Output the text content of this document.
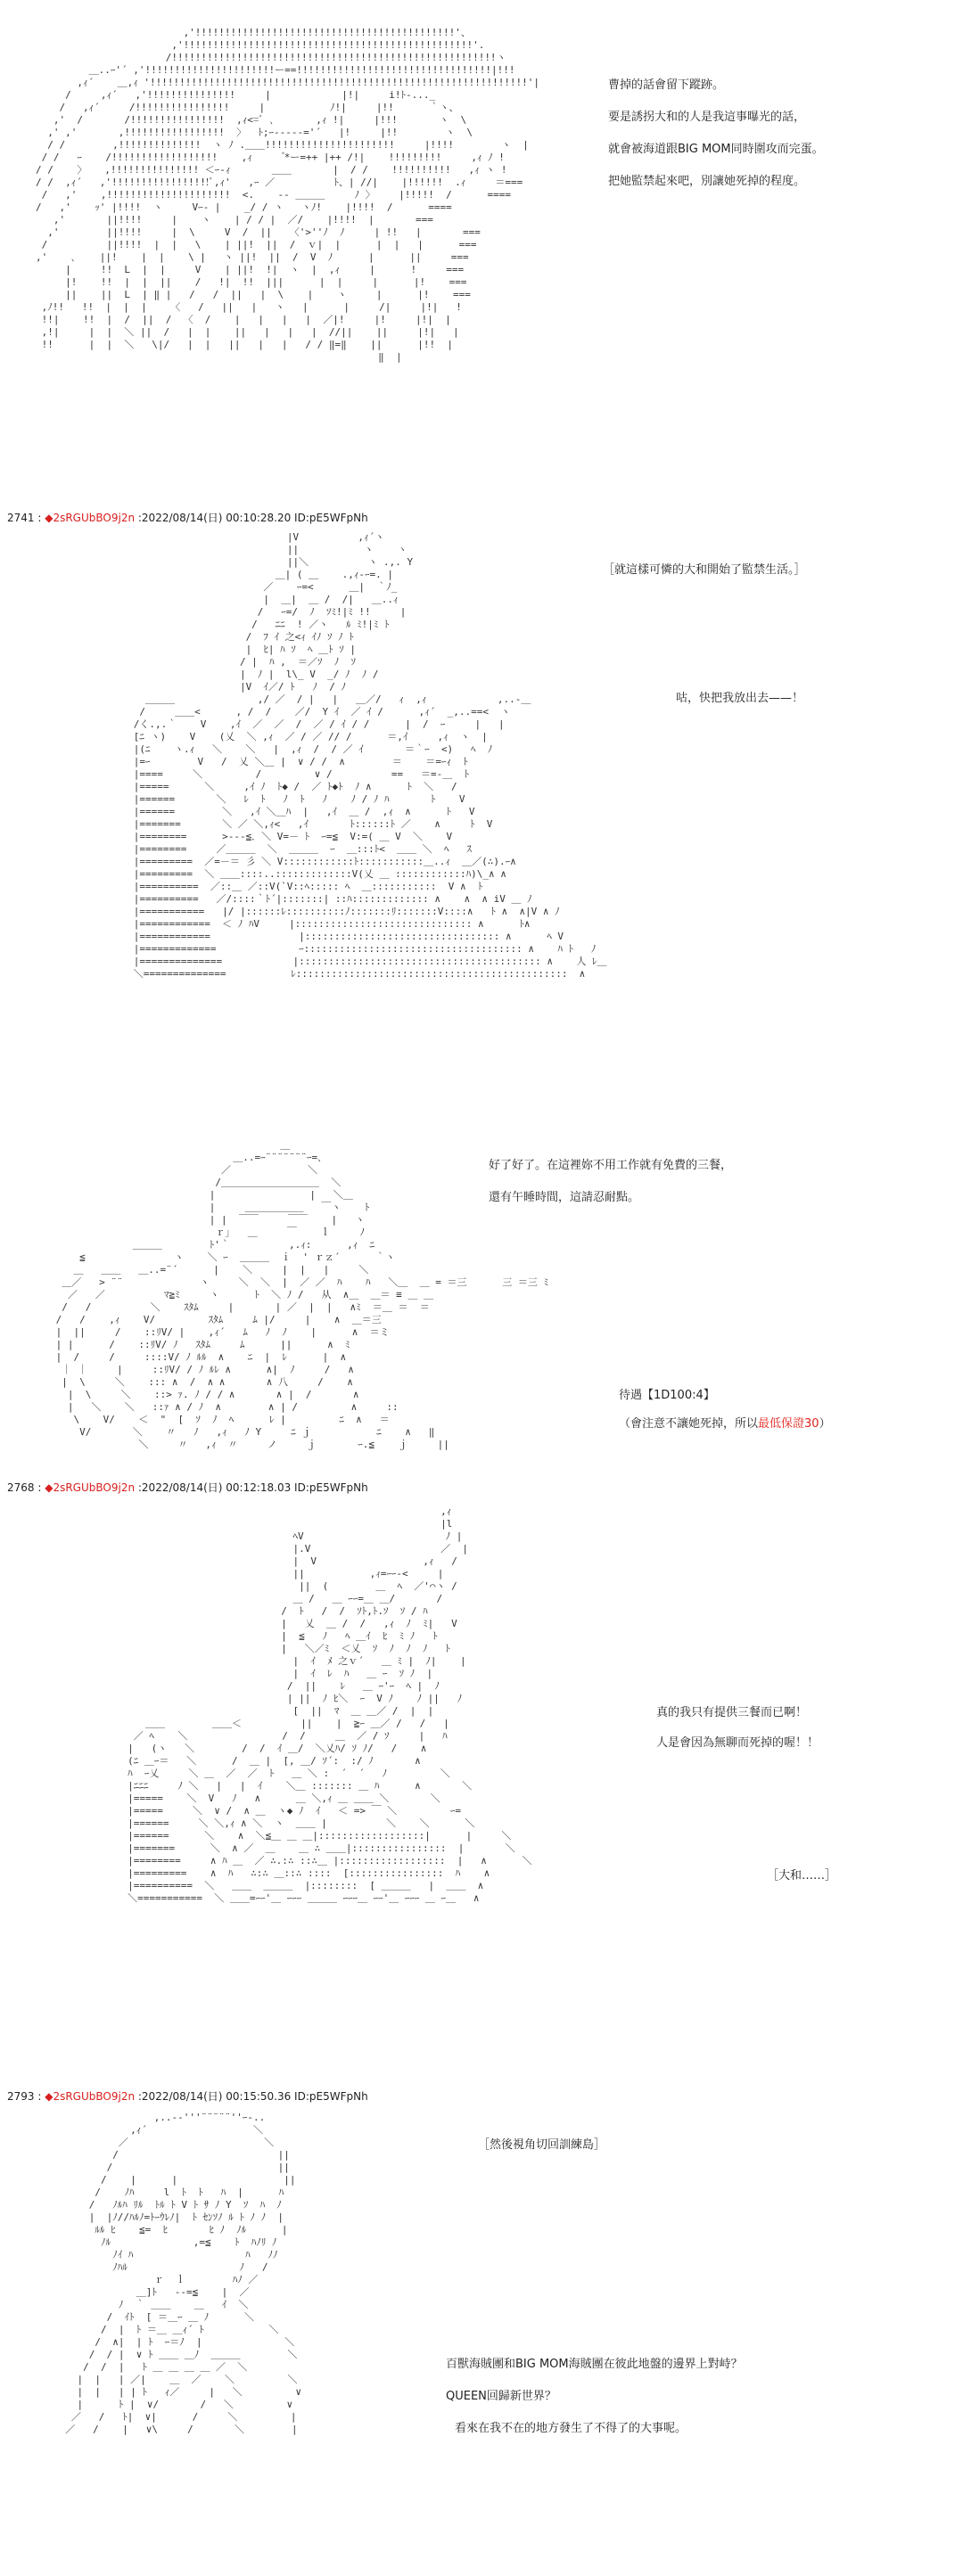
,'!!!!!!!!!!!!!!!!!!!!!!!!!!!!!!!!!!!!!!!!!!!!'、
,'!!!!!!!!!!!!!!!!!!!!!!!!!!!!!!!!!!!!!!!!!!!!!!!!!'.
/!!!!!!!!!!!!!!!!!!!!!!!!!!!!!!!!!!!!!!!!!!!!!!!!!!!!!!!ヽ
＿..ｰ'´ ,'!!!!!!!!!!!!!!!!!!!!!!ー==!!!!!!!!!!!!!!!!!!!!!!!!!!!!!!!!!|!!!
,ｨ´    ＿,ｨ '!!!!!!!!!!!!!!!!!!!!!!!!!!!!!!!!!!!!!!!!!!!!!!!!!!!!!!!!!!!!!!!!'|
/     ,ｨ´   ,'!!!!!!!!!!!!!!!     |            |!|     i!ﾄ-..._
/   ,ｨ´     /!!!!!!!!!!!!!!!!     |           ﾉ!|     |!!      ｀ヽ、
,'  /       /!!!!!!!!!!!!!!!!  ,ｨ<=ﾞ ､       ,ｨ !|     |!!!       ヽ  \
,' ,'       ,!!!!!!!!!!!!!!!!!  〉  ﾄ;ｰ‐---‐='´   |!     |!!        ヽ  \
/ /        ,!!!!!!!!!!!!!!  ヽ ﾉ .＿＿!!!!!!!!!!!!!!!!!!!!!!     |!!!!        ヽ  |
/ /   ｰ    /!!!!!!!!!!!!!!!!!!    ,ｨ      ゙*ー=++ |++ /!|    !!!!!!!!!     ,ｨ ﾉ !
/ /    〉   ,!!!!!!!!!!!!!!! ＜ｰ-ｨ       ＿＿       |  / /    !!!!!!!!!!   ,ｨ ヽ !
/ /  ,ｨ´   ,'!!!!!!!!!!!!!!!!!ﾞ,ｨ'   ,ｰ ／          ﾄ、| //|    |!!!!!!  .ｨ     ＝===
/   ,'    ,!!!!!!!!!!!!!!!!!!!!!  <.    ‐‐ ＿＿＿     ﾉ 〉    |!!!!!  /      ====
/   ,'    ｯ' |!!!!  ヽ     Vｰ- |    _/ / ヽ   ヽﾉ!    |!!!!  /      ====
,'       ||!!!!     |    ヽ    | / / |  ／/    |!!!!  |       ===
,'        ||!!!!     |  \     V  /  ||   〈'>''ﾉ  ﾉ     | !!   |       ===
/          ||!!!!  |  |   \    | ||!  ||  /  ｖ|  |      |  |   |      ===
,'    ､    ||!    |  |    \ |   ヽ ||!  ||  /  V  ﾉ      |      ||     ===
|     !!  L  |  |     V    | ||!  !|  ヽ  |  ,ｨ     |      !     ===
|!    !!  |  |  ||    /   !|  !!  |||      |  |     |      |!    ===
||    ||  L  | ‖ |   /   /  ||   |  \    |    ヽ     |      |!    ===
,ﾉ!!   !!  |  |  |    〈   /   ||   |   ヽ   |      |     /|     |!|   !
!!|    !!  |  /  ||  /  〈  /    |   |   |   |  ／|!     |!     |!|  |
,!|     |  |  ＼ ||  /   |  |    ||   |   |   |  //||    ||     |!|   |
!!      |  |  ＼   \|/   |  |   ||   |   |   / / ‖=‖    ||      |!!  |
‖  |

曹掉的話會留下蹤跡。
要是誘拐大和的人是我這事曝光的話，
就會被海道跟BIG MOM同時圍攻而完蛋。
把她監禁起來吧，別讓她死掉的程度。
2741 : ◆2sRGUbBO9j2n :2022/08/14(日) 00:10:28.20 ID:pE5WFpNh
|V          ,ｨ´ヽ
||           ヽ    ヽ
||＼          ヽ .,. Y
＿| ( ＿    .,ｨ‐ｰ=. |
／    ｰ=<      ＿|  ｀ﾉ_
|  ＿|  ＿ /  /|   ＿..ｨ
/   ｰ=/  ﾉ  ｿﾐ!|ﾐ !!     |
/   ﾆﾆ  ! ／ヽ   ﾙ ﾐ!|ﾐ ﾄ
/  ﾌ ｲ 之<ｨ ｲﾉ ｿ ﾉ ﾄ
|  ﾋ| ﾊ ｿ  ﾍ ＿ﾄ ｿ |
/ |  ﾊ ,  ＝／ｿ  ﾉ  ｿ
|  ﾉ |  l\_ V  _/ ﾉ  ﾉ /
|V  ｲ／/ ﾄ   ﾉ  / ﾉ
＿＿＿              ,/ ／  / |   |   ＿／/   ｨ  ,ｨ            ,..-＿
/     ＿＿<      , /  /    ／/  Y ｲ  ／ ｲ /      ,ｨ´  _,..==<  ヽ
/く.,.｀    V    ,ｲ  ／  ／  /  ／ / ｲ / /      |  /  ｰ     |   |
[ﾆ ヽ)    V    (乂  ＼ ,ｨ  ／ / ／ // /      ＝,ｲ     ,ｨ  ヽ  |
|(ﾆ    ヽ.ｨ   ＼    ＼   |  ,ｨ  /  / ／ ｲ       ＝｀ｰ  <)   ﾍ  ﾉ
|=ｰ        V   /  乂 ＼＿ |  ∨ / /  ∧        ＝    ＝=ｰｨ  ﾄ
|====     ＼         /         ∨ /          ==   ＝=-＿  ﾄ
|=====      ＼     ,ｲ ﾉ  ﾄ◆ /  ／ ﾄ◆ﾄ  ﾉ ∧      ﾄ  ＼   /
|======       ＼   ﾚ  ﾄ   ﾉ  ﾄ   ﾉ    ﾉ / ﾉ ﾊ       ﾄ    V
|======        ＼   ,ｲ ＼＿ﾊ  |   ,ｲ  ＿ /  ,ｨ  ∧      ﾄ   V
|=======       ＼ ／ ＼,ｨ<   ,ｲ       ﾄ::::::ﾄ ／    ∧     ﾄ  V
|========      >---≦．＼ V=－ ﾄ  ｰ=≦  V:=( ＿ V  ＼    V
|========     ／＿＿＿  ＼  ＿＿＿  ｰ  ＿:::ﾄ<  ＿＿ ＼  ﾍ   ｽ
|=========  ／=－＝ 彡 ＼ V::::::::::::ﾄ:::::::::::＿..ｨ  ＿／(∴).ｰ∧
|=========  ＼ ＿＿::::..:::::::::::::V(乂 ＿ ::::::::::::ﾊ)\_∧ ∧
|==========  ／::＿ ／::V(`V::ﾍ::::: ﾍ  ＿:::::::::::  V ∧  ﾄ
|==========   ／/::::｀ﾄ´|:::::::| ::ﾊ::::::::::::: ∧    ∧  ∧ iV ＿ ﾉ
|===========   |/ |::::::ﾚ::::::::::ﾉ:::::::ﾘ:::::::V::::∧   ﾄ ∧  ∧|V ∧ ﾉ
|============  ＜ ﾉ ﾊV     |:::::::::::::::::::::::::::::: ∧      ﾄ∧
|============               |::::::::::::::::::::::::::::::::: ∧      ﾍ V
|=============              ｰ::::::::::::::::::::::::::::::::::::: ∧    ﾊ ﾄ   ﾉ
|==============            |::::::::::::::::::::::::::::::::::::::::: ∧    人 ﾚ＿
＼==============           ﾚ::::::::::::::::::::::::::::::::::::::::::::::  ∧

［就這樣可憐的大和開始了監禁生活。］
咕，快把我放出去——！
＿
＿..=ｰ¨¨¨¨¨¨¨ｰ=､
／             ＼
/＿＿＿＿＿＿＿＿＿＿  ＼
|                |   ＼＿
|     ＿＿＿＿＿＿   ￣ヽ    ﾄ
| |  ￣￣     ￣￣    |   ヽ
ｒ｣   ＿     ￣    ｌ     ﾉ
＿＿＿        ﾄ'｀          ,.ｨ:      ,ｨ  ﾆ
≦               ヽ    ＼ ｰ  ＿＿＿  ｉ  ' ｒｚ´      ｀ヽ
＿   ＿＿   ＿..=¨´      |    ＼     |  |   |     ＼
＿／   > ¨¨             ヽ     ＼  ＼  |  ／ ／  ﾊ    ﾊ   ＼＿  ＿ = ＝三      三 ＝三 ﾐ
／   ／          ﾏ≧ﾐ     ヽ      ﾄ  ＼ ﾉ /   从  ∧＿  ＿＝ ≡ ＿ ＿
/   /          ＼    ｽﾀﾑ     |       | ／  |  |   ∧ﾐ  ＝＿ ＝  ＝
/   /    ,ｨ    V/         ｽﾀﾑ     ﾑ |/     |    ∧  ＿＝三
|  ||     /    ::ﾘV/ |    ,ｨ´   ﾑ   ﾉ  ﾉ    |      ∧  ＝ミ
| |      /    ::ﾘV/ ﾉ   ｽﾀﾑ     ﾑ      ||      ∧  ﾐ
|  /     /     ::::V/ ﾉ ﾙﾙ  ∧    ﾆ  |  ﾚ      |  ∧
｜ ｜     |     ::ﾘV/ / ﾉ ﾙﾚ ∧      ∧|  ﾉ     /   ∧
|  \     ＼    ::: ∧  /  ∧ ∧       ∧ 八     /    ∧
|  \     ＼    ::> ｧ. ﾉ / / ∧       ∧ |  /       ∧
|   ＼    ＼   ::ｧ ∧ / ﾉ  ∧        ∧ | /         ∧     ::
\    V/    ＜  "  [  ｿ  ﾉ  ﾍ      ﾚ |         ﾆ  ∧   ＝
V/       ＼    〃   ﾉ   ,ｨ   ﾉ Y     ﾆ ｊ           ﾆ    ∧   ‖
＼     〃   ,ｨ  〃     ノ     ｊ       ｰ.≦    ｊ     ||

好了好了。在這裡妳不用工作就有免費的三餐，
還有午睡時間，這請忍耐點。
待遇【1D100:4】
（會注意不讓她死掉，所以最低保證30）
2768 : ◆2sRGUbBO9j2n :2022/08/14(日) 00:12:18.03 ID:pE5WFpNh
,ｨ
|l
ﾍV                        ﾉ |
|.V                      ／  |
|  V                  ,ｨ   /
||           ,ｨ=ｰｰ‐<     |
||  (        ＿  ﾍ  ／'⌒ヽ /
＿ /   ＿ ｰｰ=＿ ＿/       /
/  ﾄ   /  /  ｿﾄ,ﾄ.ｿ  ｿ / ﾊ
|   乂  ＿ /  /   ,ｨ  ﾉ  ﾐ|   V
|  ≦   ﾉ   ﾍ ＿ｲ  ﾋ  ﾐ ﾉ   ﾄ
|   ＼／ﾐ  ＜乂  ｿ  ﾉ  ﾉ  ﾉ   ﾄ
|  ｲ  ﾒ 之ｖ´   ＿ ﾐ |  ﾉ|    |
|  ｲ  ﾚ  ﾊ   ＿ ｰ  ｿ ﾉ  |
/  ||    ﾚ   ＿ ｰ'ｰ  ﾍ |  ﾉ
| ||  ﾉ ﾋ＼  ｰ  V ﾉ    ﾉ ||   ﾉ
[  ||  ﾏ  ＿ ＿／ /  |  |
＿＿        ＿＿＜          ||    |  ≧ｰ ＿／ /   /   |
／ ﾍ    ＼                /  /     ＿  ／ / ｿ     |   ﾊ
|   (ヽ   ＼        /  /  ｲ ＿/  ＼乂ﾊ/ ｿ ﾉ/   /    ∧
(ﾆ ＿ｰ＝   ＼      /  ＿ |  [, ＿/ ｿ´:  :/ ﾉ       ∧
ﾊ  ｰ乂     ＼ ＿  ／  ／  ﾄ   ＿ ＼ :  ´  ´   ﾉ         ＼
|ﾆﾆﾆ     ﾉ ＼   |   |  ｲ    ＼＿ ::::::: ＿ ﾊ      ∧       ＼
|=====    ＼  V   ﾉ   ∧      ＿ ＼,ｨ ＿ ＿＿ ＼       ＼
|=====     ＼  ∨ /  ∧ ＿  ヽ◆ ﾉ  ｲ   ＜ => ￣ ＼         ｰ=
|======     ＼ ＼,ｨ ∧ ＼  ヽ  ＿＿ |          ＼    ＼      ＼
|======      ＼    ∧  ＼≦＿ ＿ ＿|::::::::::::::::::|      |     ＼
|=======      ＼  ∧ ／  ＿    ＿ ∴ ＿＿|::::::::::::::::  |       ＼
|========     ∧ ﾊ ＿  ／ ∴.:∴ ::∴＿ |::::::::::::::::::  |   ∧      ＼
|=========    ∧  ﾊ   ∴:∴ ＿::∴ ::::  [::::::::::::::::  ﾊ    ∧
|==========  ＼   ＿＿  ＿＿＿  |::::::::  [ ＿＿＿   |  ＿＿  ∧
＼===========  ＼ ＿＿=ｰｰ'＿ ｰｰｰ ＿＿＿ ｰｰｰ＿ ｰｰ'＿ ｰｰｰ ＿ ｰ＿   ∧

真的我只有提供三餐而已啊！
人是會因為無聊而死掉的喔！！
［大和……］
2793 : ◆2sRGUbBO9j2n :2022/08/14(日) 00:15:50.36 ID:pE5WFpNh
,..-‐'''¨¨¨¨¨''ｰ-..
,ｨ´                  ＼
／                       ＼
/                           ||
/                            ||
/    |      |                  ||
/    ﾉﾊ     l  ﾄ  ﾄ   ﾊ  |      ﾊ
/   ﾉﾙﾊ ﾘﾙ  ﾄﾙ ﾄ V ﾄ ｻ ﾉ Y  ｿ  ﾊ  ﾉ
|  |ﾉ//ﾊﾙﾉ=ﾄｰｳﾚﾉ|  ﾄ ｾﾝｿﾉ ﾙ ﾄ ﾉ ﾉ  |
ﾙﾙ ﾋ    ≦=  ﾋ       ﾋ ﾉ  ﾉﾙ      |
ﾉﾙ              ,=≦    ﾄ  ﾊﾉﾘ ﾉ
ﾉｲ ﾊ                   ﾊ   ﾉﾉ
ﾉﾊﾙ                   ﾉ   /
ｒ  ｌ        ﾊﾉ ／
＿]ﾄ   ‐-=≦    |  ／
ﾉ  ｀ ＿＿    ＿   ｲ  ＼
/  ｲﾄ  [ ＝＿ｰ ＿ ﾉ      ＼
/  |  ﾄ ＝＿ ＿ｨ´ ﾄ           ＼
/  ∧|  | ﾄ  ｰ＝ﾉ  |              ＼
/  / |  ∨ ﾄ ＿＿ ＿ﾉ  ＿＿＿        ＼
/  /  |   ﾄ ＿ ＿ ＿ ＿ ／  ＼
|  |   | ／|    ＿  ／    ＼         ＼
|  |   | | ﾄ   ｨ／     |   ＼         ∨
|      ﾄ |  ∨/       /   ＼         ∨
／   /   ﾄ|  ∨|      /     ＼         |
／   /    |   ∨\     /       ＼        |

［然後視角切回訓練島］
百獸海賊團和BIG MOM海賊團在彼此地盤的邊界上對峙？
QUEEN回歸新世界？
看來在我不在的地方發生了不得了的大事呢。
